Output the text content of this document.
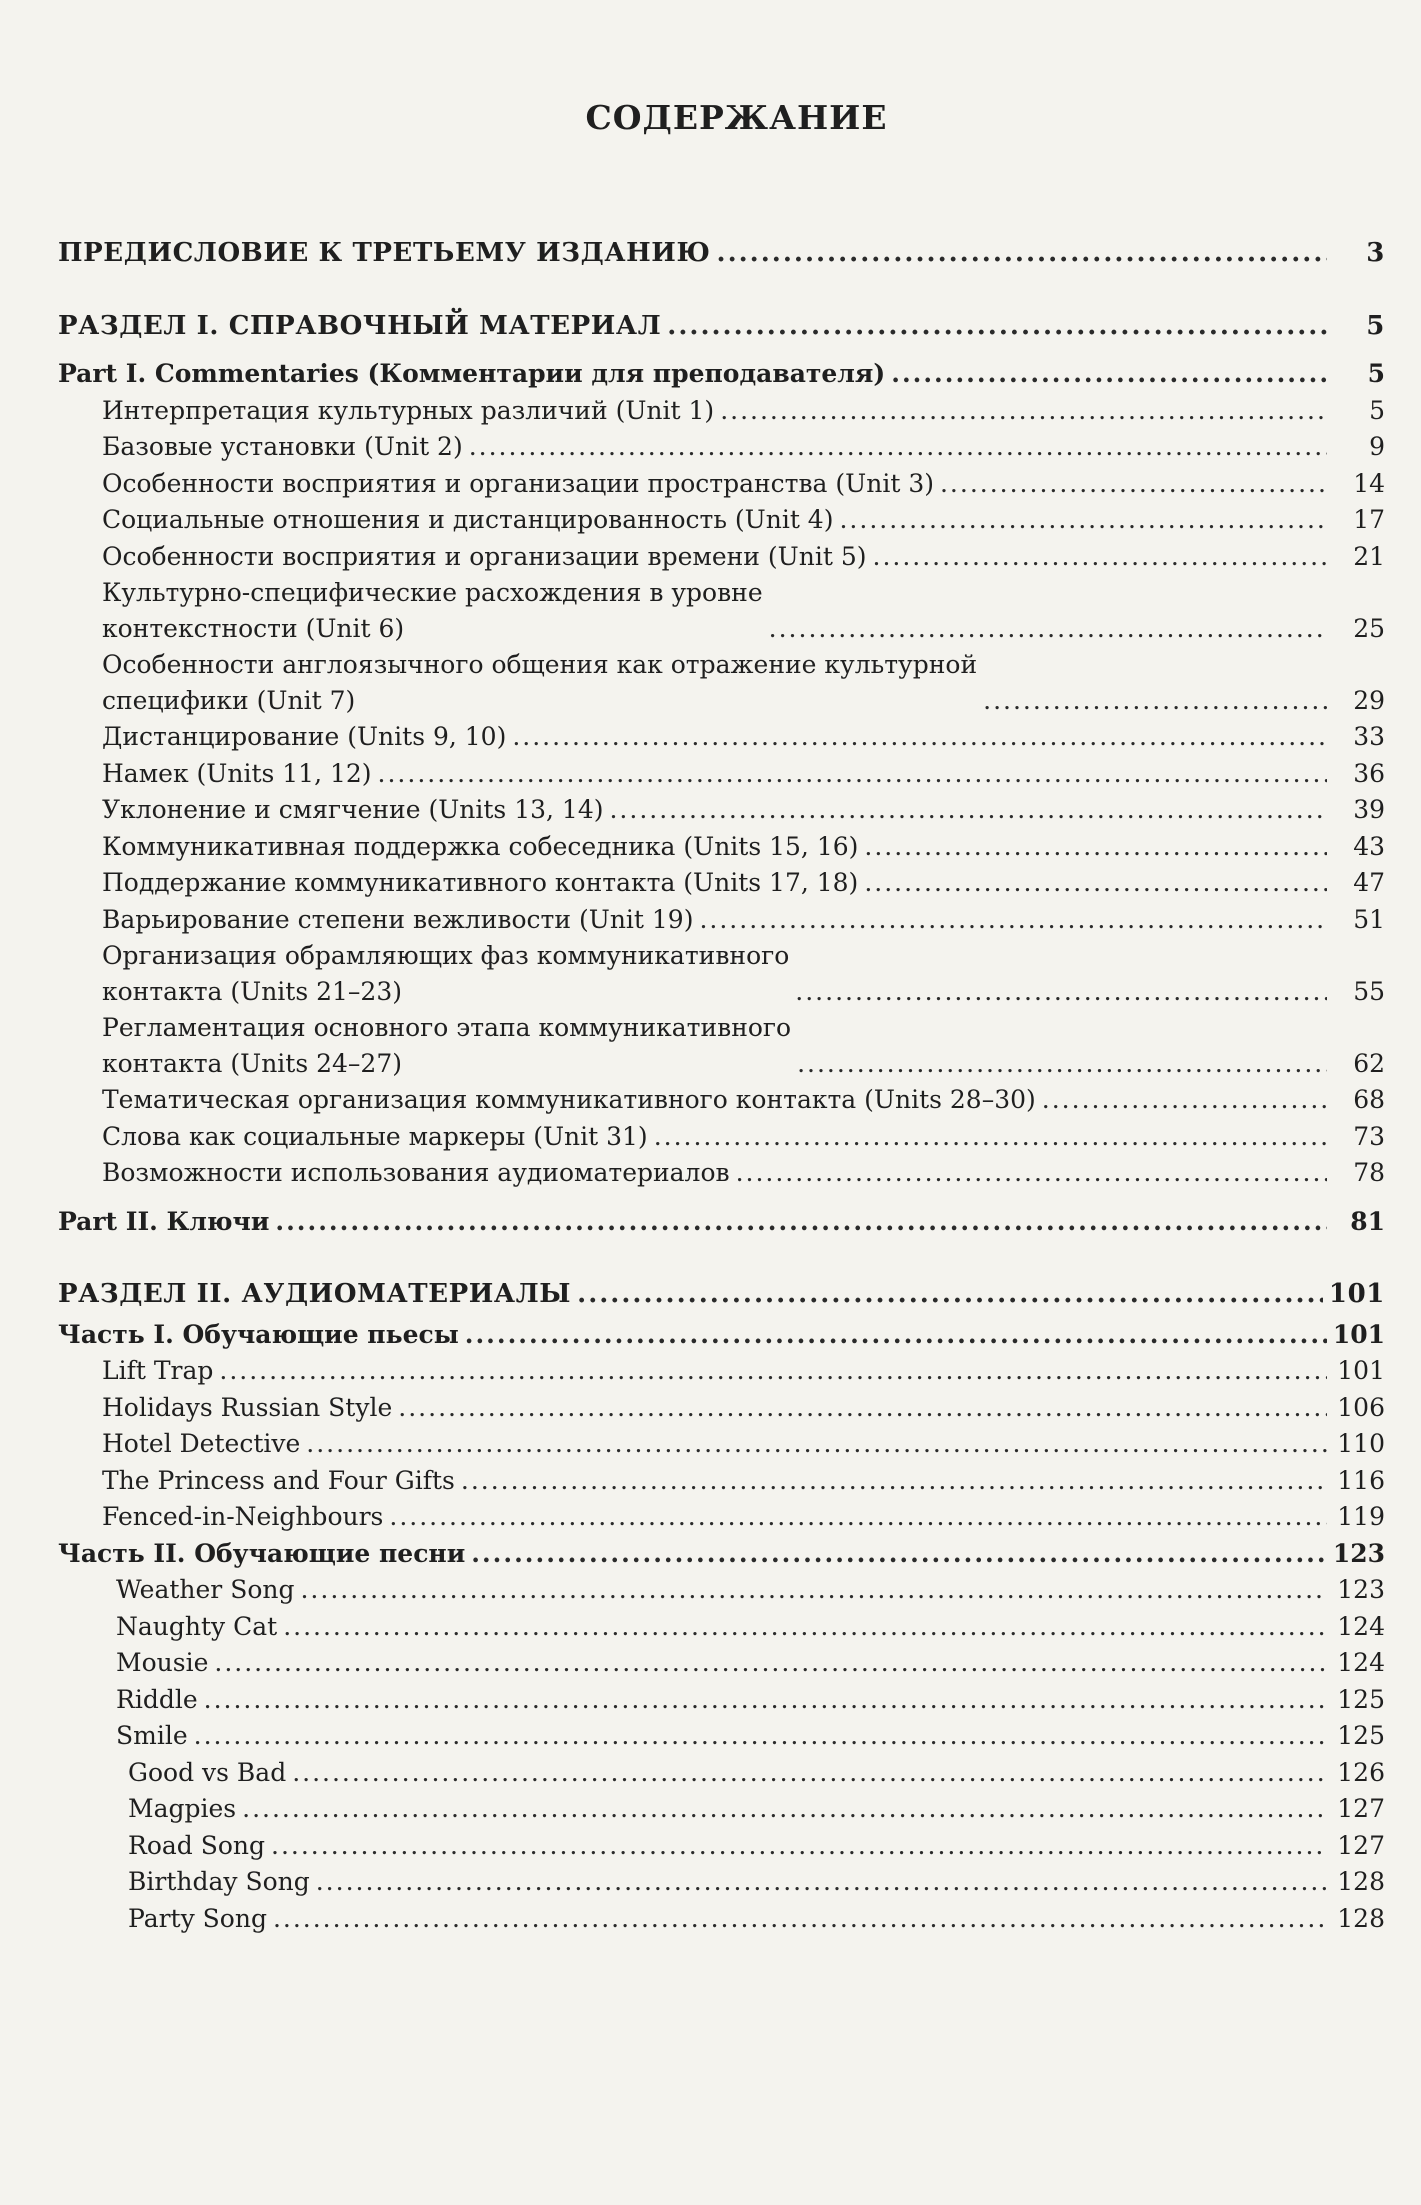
СОДЕРЖАНИЕ
ПРЕДИСЛОВИЕ К ТРЕТЬЕМУ ИЗДАНИЮ .....	3
РАЗДЕЛ I. СПРАВОЧНЫЙ МАТЕРИАЛ .....	5
Part I. Commentaries (Комментарии для преподавателя) .....	5
Интерпретация культурных различий (Unit 1) .....	5
Базовые установки (Unit 2) .....	9
Особенности восприятия и организации пространства (Unit 3) .....	14
Социальные отношения и дистанцированность (Unit 4) .....	17
Особенности восприятия и организации времени (Unit 5) .....	21
Культурно-специфические расхождения в уровне
контекстности (Unit 6) .....	25
Особенности англоязычного общения как отражение культурной
специфики (Unit 7) .....	29
Дистанцирование (Units 9, 10) .....	33
Намек (Units 11, 12) .....	36
Уклонение и смягчение (Units 13, 14) .....	39
Коммуникативная поддержка собеседника (Units 15, 16) .....	43
Поддержание коммуникативного контакта (Units 17, 18) .....	47
Варьирование степени вежливости (Unit 19) .....	51
Организация обрамляющих фаз коммуникативного
контакта (Units 21–23) .....	55
Регламентация основного этапа коммуникативного
контакта (Units 24–27) .....	62
Тематическая организация коммуникативного контакта (Units 28–30) .....	68
Слова как социальные маркеры (Unit 31) .....	73
Возможности использования аудиоматериалов .....	78
Part II. Ключи .....	81
РАЗДЕЛ II. АУДИОМАТЕРИАЛЫ .....	101
Часть I. Обучающие пьесы .....	101
Lift Trap .....	101
Holidays Russian Style .....	106
Hotel Detective .....	110
The Princess and Four Gifts .....	116
Fenced-in-Neighbours .....	119
Часть II. Обучающие песни .....	123
Weather Song .....	123
Naughty Cat .....	124
Mousie .....	124
Riddle .....	125
Smile .....	125
Good vs Bad .....	126
Magpies .....	127
Road Song .....	127
Birthday Song .....	128
Party Song .....	128
